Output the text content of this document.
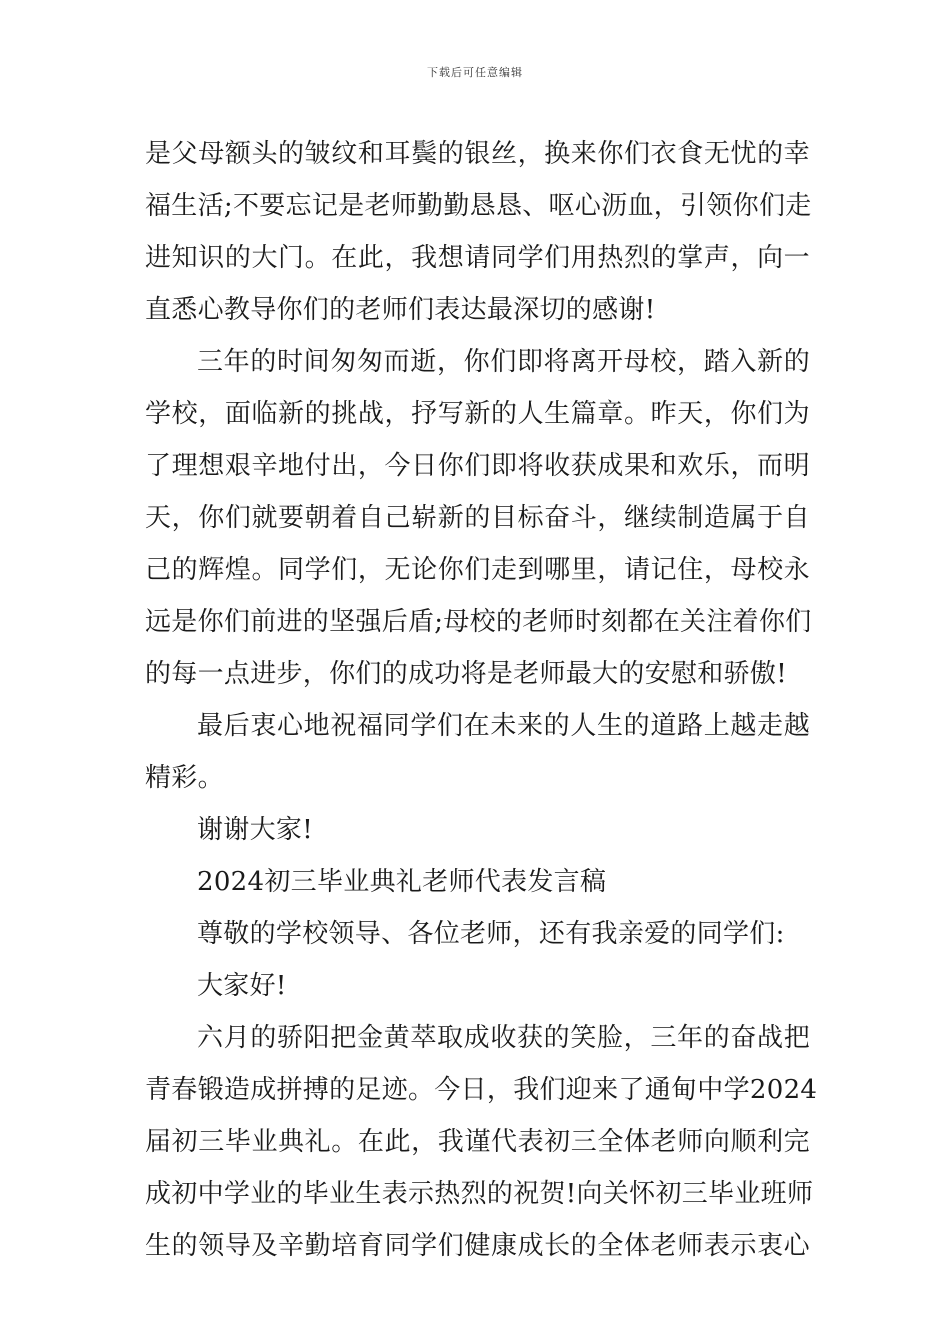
下载后可任意编辑
是父母额头的皱纹和耳鬓的银丝，换来你们衣食无忧的幸
福生活;不要忘记是老师勤勤恳恳、呕心沥血，引领你们走
进知识的大门。在此，我想请同学们用热烈的掌声，向一
直悉心教导你们的老师们表达最深切的感谢!
三年的时间匆匆而逝，你们即将离开母校，踏入新的
学校，面临新的挑战，抒写新的人生篇章。昨天，你们为
了理想艰辛地付出，今日你们即将收获成果和欢乐，而明
天，你们就要朝着自己崭新的目标奋斗，继续制造属于自
己的辉煌。同学们，无论你们走到哪里，请记住，母校永
远是你们前进的坚强后盾;母校的老师时刻都在关注着你们
的每一点进步，你们的成功将是老师最大的安慰和骄傲!
最后衷心地祝福同学们在未来的人生的道路上越走越
精彩。
谢谢大家!
2024初三毕业典礼老师代表发言稿
尊敬的学校领导、各位老师，还有我亲爱的同学们:
大家好!
六月的骄阳把金黄萃取成收获的笑脸，三年的奋战把
青春锻造成拼搏的足迹。今日，我们迎来了通甸中学2024
届初三毕业典礼。在此，我谨代表初三全体老师向顺利完
成初中学业的毕业生表示热烈的祝贺!向关怀初三毕业班师
生的领导及辛勤培育同学们健康成长的全体老师表示衷心
